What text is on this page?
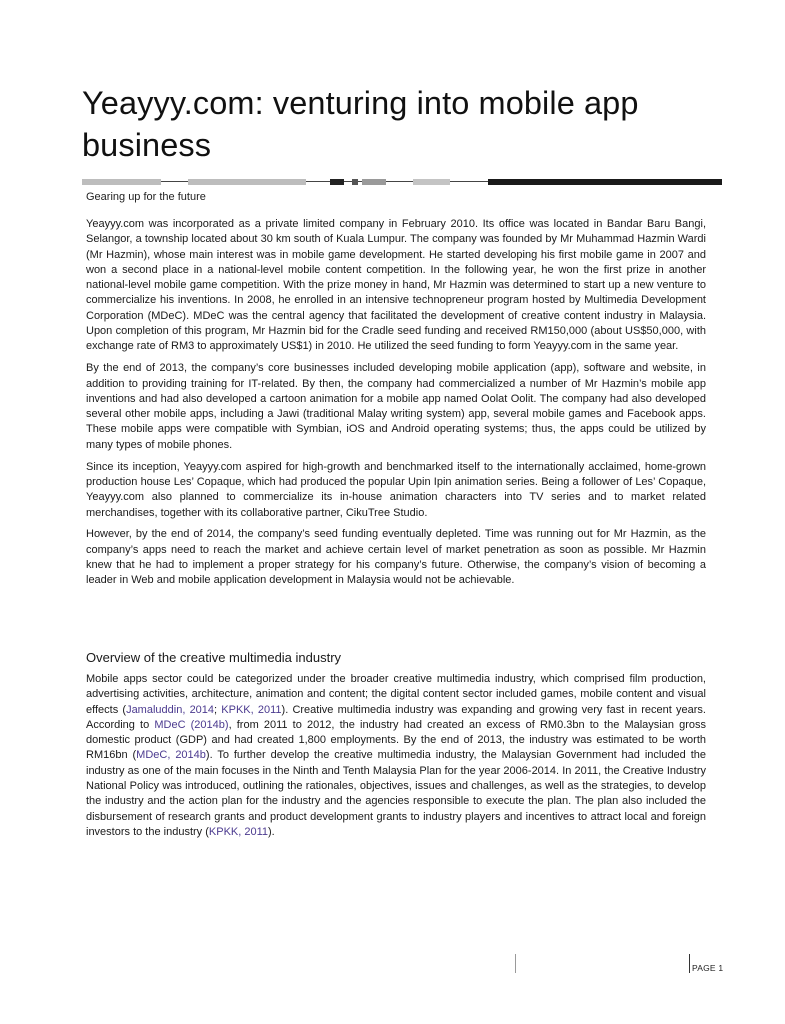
Yeayyy.com: venturing into mobile app business
Gearing up for the future

Yeayyy.com was incorporated as a private limited company in February 2010. Its office was located in Bandar Baru Bangi, Selangor, a township located about 30 km south of Kuala Lumpur. The company was founded by Mr Muhammad Hazmin Wardi (Mr Hazmin), whose main interest was in mobile game development. He started developing his first mobile game in 2007 and won a second place in a national-level mobile content competition. In the following year, he won the first prize in another national-level mobile game competition. With the prize money in hand, Mr Hazmin was determined to start up a new venture to commercialize his inventions. In 2008, he enrolled in an intensive technopreneur program hosted by Multimedia Development Corporation (MDeC). MDeC was the central agency that facilitated the development of creative content industry in Malaysia. Upon completion of this program, Mr Hazmin bid for the Cradle seed funding and received RM150,000 (about US$50,000, with exchange rate of RM3 to approximately US$1) in 2010. He utilized the seed funding to form Yeayyy.com in the same year.

By the end of 2013, the company’s core businesses included developing mobile application (app), software and website, in addition to providing training for IT-related. By then, the company had commercialized a number of Mr Hazmin’s mobile app inventions and had also developed a cartoon animation for a mobile app named Oolat Oolit. The company had also developed several other mobile apps, including a Jawi (traditional Malay writing system) app, several mobile games and Facebook apps. These mobile apps were compatible with Symbian, iOS and Android operating systems; thus, the apps could be utilized by many types of mobile phones.

Since its inception, Yeayyy.com aspired for high-growth and benchmarked itself to the internationally acclaimed, home-grown production house Les’ Copaque, which had produced the popular Upin Ipin animation series. Being a follower of Les’ Copaque, Yeayyy.com also planned to commercialize its in-house animation characters into TV series and to market related merchandises, together with its collaborative partner, CikuTree Studio.

However, by the end of 2014, the company’s seed funding eventually depleted. Time was running out for Mr Hazmin, as the company’s apps need to reach the market and achieve certain level of market penetration as soon as possible. Mr Hazmin knew that he had to implement a proper strategy for his company’s future. Otherwise, the company’s vision of becoming a leader in Web and mobile application development in Malaysia would not be achievable.

Overview of the creative multimedia industry

Mobile apps sector could be categorized under the broader creative multimedia industry, which comprised film production, advertising activities, architecture, animation and content; the digital content sector included games, mobile content and visual effects (Jamaluddin, 2014; KPKK, 2011). Creative multimedia industry was expanding and growing very fast in recent years. According to MDeC (2014b), from 2011 to 2012, the industry had created an excess of RM0.3bn to the Malaysian gross domestic product (GDP) and had created 1,800 employments. By the end of 2013, the industry was estimated to be worth RM16bn (MDeC, 2014b). To further develop the creative multimedia industry, the Malaysian Government had included the industry as one of the main focuses in the Ninth and Tenth Malaysia Plan for the year 2006-2014. In 2011, the Creative Industry National Policy was introduced, outlining the rationales, objectives, issues and challenges, as well as the strategies, to develop the industry and the action plan for the industry and the agencies responsible to execute the plan. The plan also included the disbursement of research grants and product development grants to industry players and incentives to attract local and foreign investors to the industry (KPKK, 2011).

PAGE 1
